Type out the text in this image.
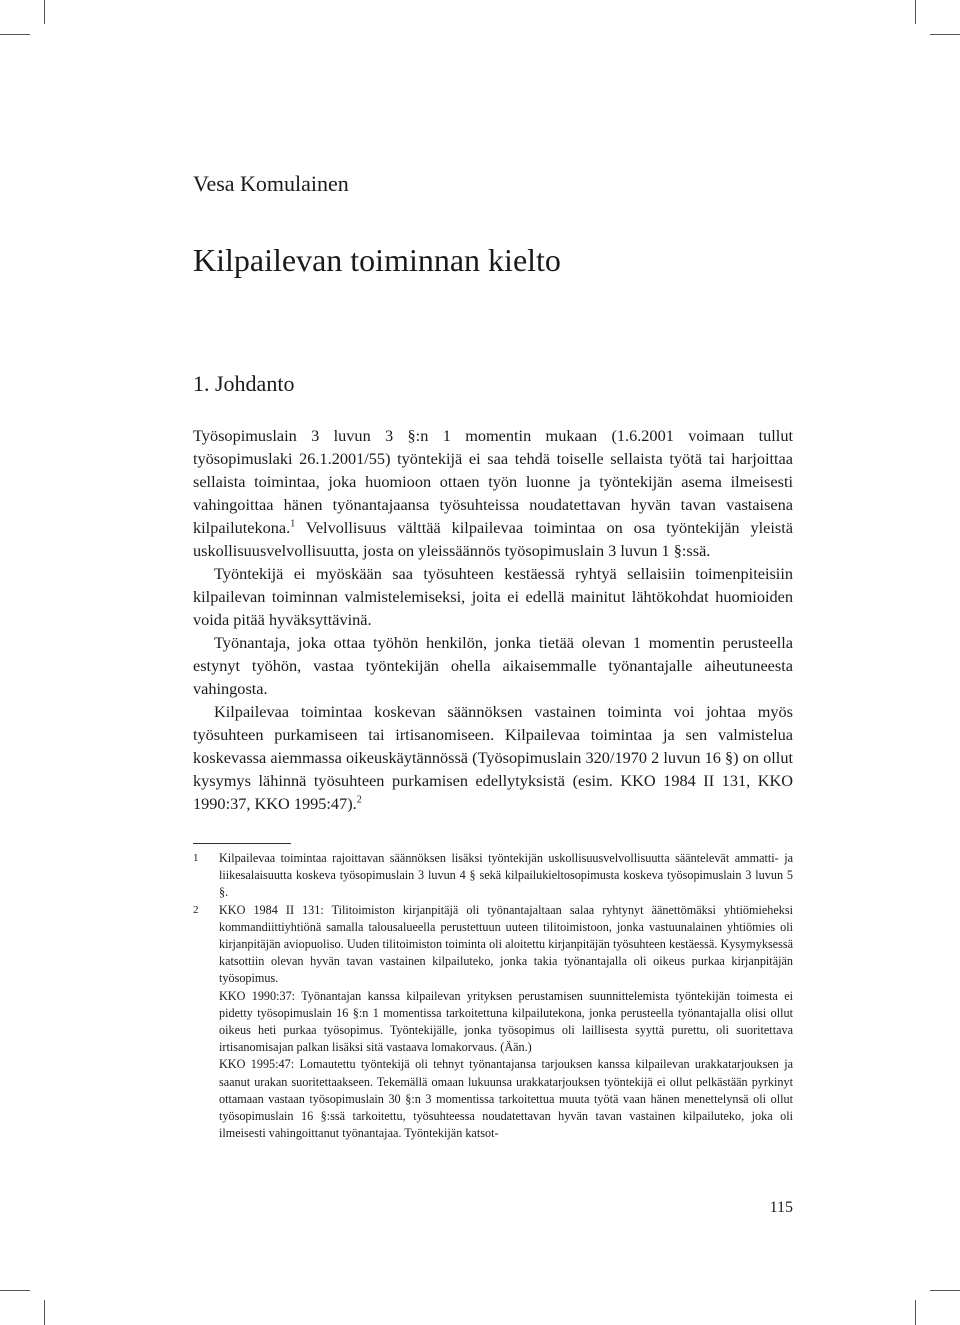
Vesa Komulainen
Kilpailevan toiminnan kielto
1. Johdanto

Työsopimuslain 3 luvun 3 §:n 1 momentin mukaan (1.6.2001 voimaan tullut työsopimuslaki 26.1.2001/55) työntekijä ei saa tehdä toiselle sellaista työtä tai harjoittaa sellaista toimintaa, joka huomioon ottaen työn luonne ja työntekijän asema ilmeisesti vahingoittaa hänen työnantajaansa työsuhteissa noudatettavan hyvän tavan vastaisena kilpailutekona.$^1$ Velvollisuus välttää kilpailevaa toimintaa on osa työntekijän yleistä uskollisuusvelvollisuutta, josta on yleissäännös työsopimuslain 3 luvun 1 §:ssä.

Työntekijä ei myöskään saa työsuhteen kestäessä ryhtyä sellaisiin toimenpiteisiin kilpailevan toiminnan valmistelemiseksi, joita ei edellä mainitut lähtökohdat huomioiden voida pitää hyväksyttävinä.

Työnantaja, joka ottaa työhön henkilön, jonka tietää olevan 1 momentin perusteella estynyt työhön, vastaa työntekijän ohella aikaisemmalle työnantajalle aiheutuneesta vahingosta.

Kilpailevaa toimintaa koskevan säännöksen vastainen toiminta voi johtaa myös työsuhteen purkamiseen tai irtisanomiseen. Kilpailevaa toimintaa ja sen valmistelua koskevassa aiemmassa oikeuskäytännössä (Työsopimuslain 320/1970 2 luvun 16 §) on ollut kysymys lähinnä työsuhteen purkamisen edellytyksistä (esim. KKO 1984 II 131, KKO 1990:37, KKO 1995:47).$^2$

1	Kilpailevaa toimintaa rajoittavan säännöksen lisäksi työntekijän uskollisuusvelvollisuutta sääntelevät ammatti- ja liikesalaisuutta koskeva työsopimuslain 3 luvun 4 § sekä kilpailukieltosopimusta koskeva työsopimuslain 3 luvun 5 §.

2	KKO 1984 II 131: Tilitoimiston kirjanpitäjä oli työnantajaltaan salaa ryhtynyt äänettömäksi yhtiömieheksi kommandiittiyhtiönä samalla talousalueella perustettuun uuteen tilitoimistoon, jonka vastuunalainen yhtiömies oli kirjanpitäjän aviopuoliso. Uuden tilitoimiston toiminta oli aloitettu kirjanpitäjän työsuhteen kestäessä. Kysymyksessä katsottiin olevan hyvän tavan vastainen kilpailuteko, jonka takia työnantajalla oli oikeus purkaa kirjanpitäjän työsopimus.

KKO 1990:37: Työnantajan kanssa kilpailevan yrityksen perustamisen suunnittelemista työntekijän toimesta ei pidetty työsopimuslain 16 §:n 1 momentissa tarkoitettuna kilpailutekona, jonka perusteella työnantajalla olisi ollut oikeus heti purkaa työsopimus. Työntekijälle, jonka työsopimus oli laillisesta syyttä purettu, oli suoritettava irtisanomisajan palkan lisäksi sitä vastaava lomakorvaus. (Ään.)

KKO 1995:47: Lomautettu työntekijä oli tehnyt työnantajansa tarjouksen kanssa kilpailevan urakkatarjouksen ja saanut urakan suoritettaakseen. Tekemällä omaan lukuunsa urakkatarjouksen työntekijä ei ollut pelkästään pyrkinyt ottamaan vastaan työsopimuslain 30 §:n 3 momentissa tarkoitettua muuta työtä vaan hänen menettelynsä oli ollut työsopimuslain 16 §:ssä tarkoitettu, työsuhteessa noudatettavan hyvän tavan vastainen kilpailuteko, joka oli ilmeisesti vahingoittanut työnantajaa. Työntekijän katsot-

115
